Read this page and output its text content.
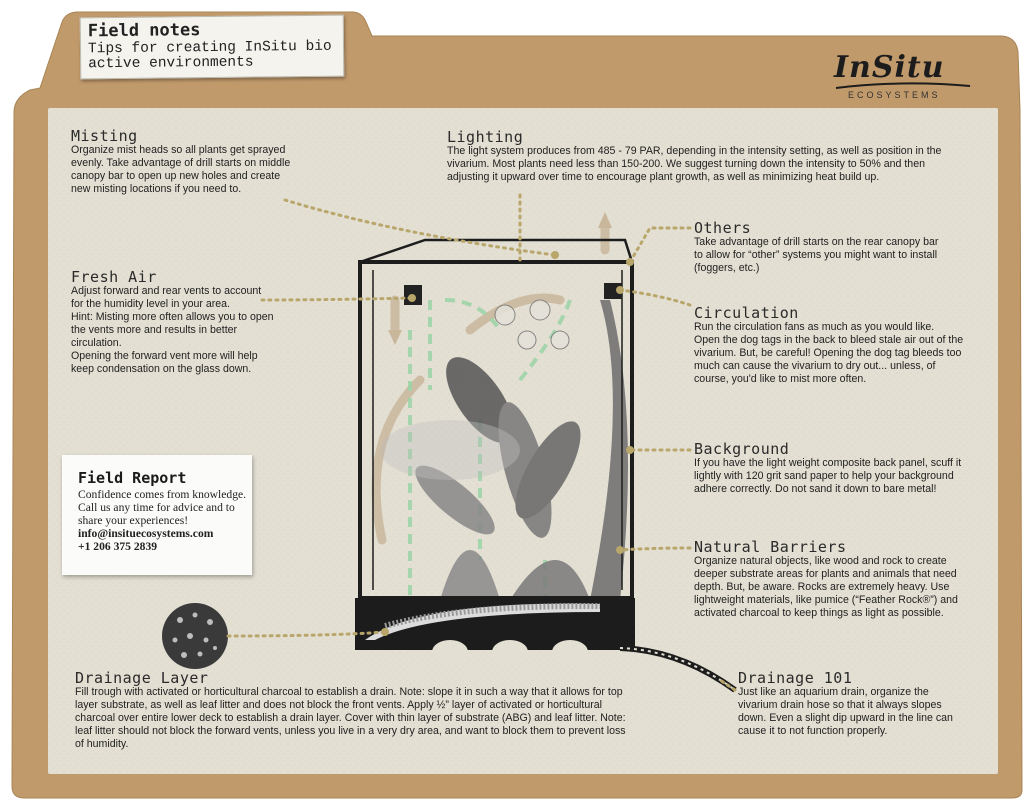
Field notes
Tips for creating InSitu bio active environments	InSitu
ECOSYSTEMS
Misting

Organize mist heads so all plants get sprayed evenly. Take advantage of drill starts on middle canopy bar to open up new holes and create new misting locations if you need to.

Lighting

The light system produces from 485 - 79 PAR, depending in the intensity setting, as well as position in the vivarium. Most plants need less than 150-200. We suggest turning down the intensity to 50% and then adjusting it upward over time to encourage plant growth, as well as minimizing heat build up.

Fresh Air

Adjust forward and rear vents to account for the humidity level in your area.

Hint: Misting more often allows you to open the vents more and results in better circulation.

Opening the forward vent more will help keep condensation on the glass down.

Others

Take advantage of drill starts on the rear canopy bar to allow for “other” systems you might want to install (foggers, etc.)

Circulation

Run the circulation fans as much as you would like.

Open the dog tags in the back to bleed stale air out of the vivarium. But, be careful! Opening the dog tag bleeds too much can cause the vivarium to dry out... unless, of course, you'd like to mist more often.

Background

If you have the light weight composite back panel, scuff it lightly with 120 grit sand paper to help your background adhere correctly. Do not sand it down to bare metal!

Natural Barriers

Organize natural objects, like wood and rock to create deeper substrate areas for plants and animals that need depth. But, be aware. Rocks are extremely heavy. Use lightweight materials, like pumice (“Feather Rock®”) and activated charcoal to keep things as light as possible.

Drainage Layer

Fill trough with activated or horticultural charcoal to establish a drain. Note: slope it in such a way that it allows for top layer substrate, as well as leaf litter and does not block the front vents. Apply ½” layer of activated or horticultural charcoal over entire lower deck to establish a drain layer. Cover with thin layer of substrate (ABG) and leaf litter. Note: leaf litter should not block the forward vents, unless you live in a very dry area, and want to block them to prevent loss of humidity.

Drainage 101

Just like an aquarium drain, organize the vivarium drain hose so that it always slopes down. Even a slight dip upward in the line can cause it to not function properly.

Field Report
Confidence comes from knowledge.
Call us any time for advice and to share your experiences!
info@insituecosystems.com
+1 206 375 2839
